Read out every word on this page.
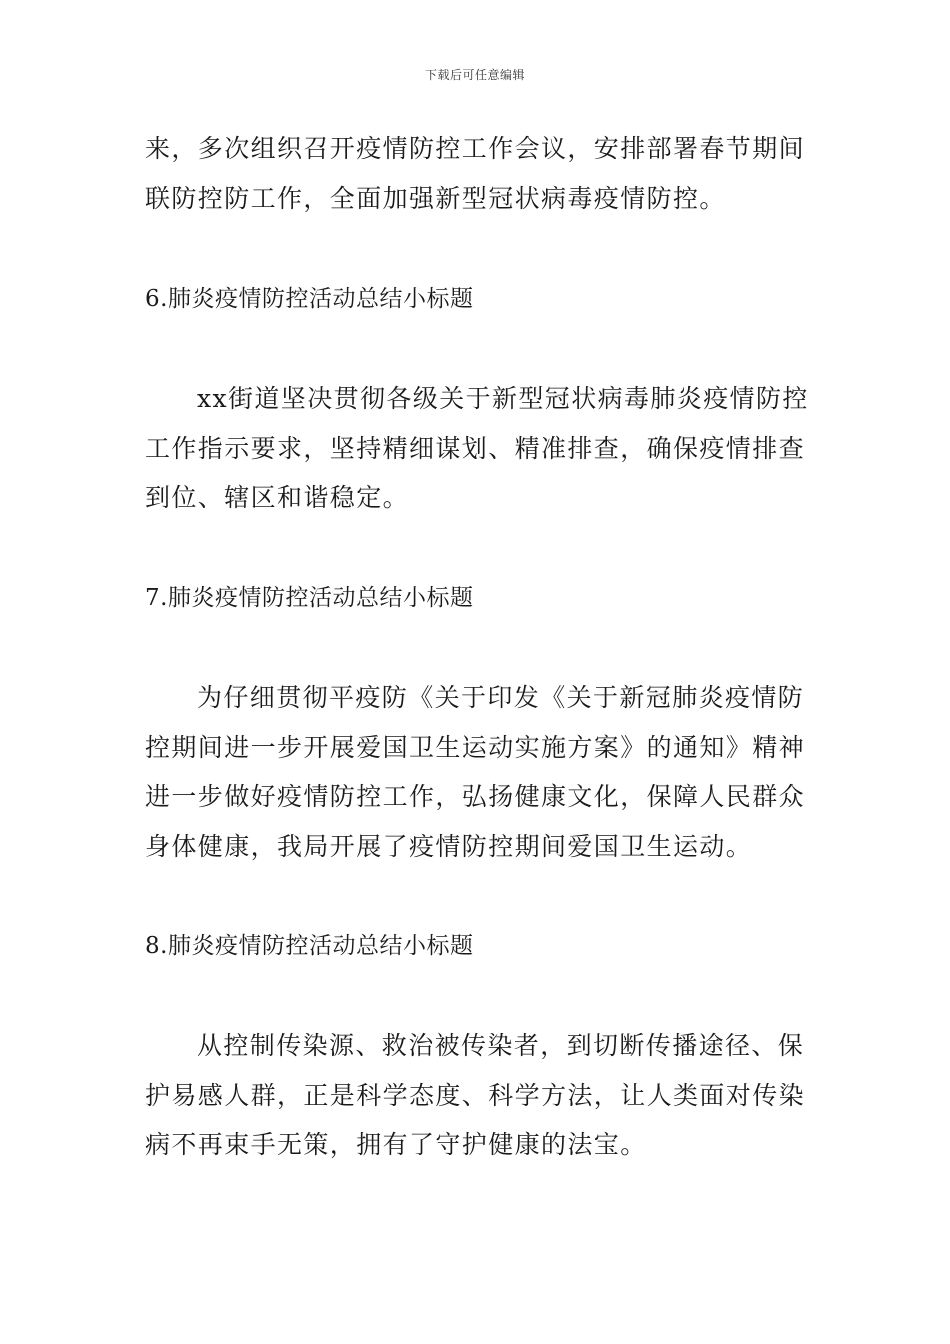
下载后可任意编辑
来，多次组织召开疫情防控工作会议，安排部署春节期间
联防控防工作，全面加强新型冠状病毒疫情防控。
6.肺炎疫情防控活动总结小标题
xx街道坚决贯彻各级关于新型冠状病毒肺炎疫情防控
工作指示要求，坚持精细谋划、精准排查，确保疫情排查
到位、辖区和谐稳定。
7.肺炎疫情防控活动总结小标题
为仔细贯彻平疫防《关于印发《关于新冠肺炎疫情防
控期间进一步开展爱国卫生运动实施方案》的通知》精神
进一步做好疫情防控工作，弘扬健康文化，保障人民群众
身体健康，我局开展了疫情防控期间爱国卫生运动。
8.肺炎疫情防控活动总结小标题
从控制传染源、救治被传染者，到切断传播途径、保
护易感人群，正是科学态度、科学方法，让人类面对传染
病不再束手无策，拥有了守护健康的法宝。
